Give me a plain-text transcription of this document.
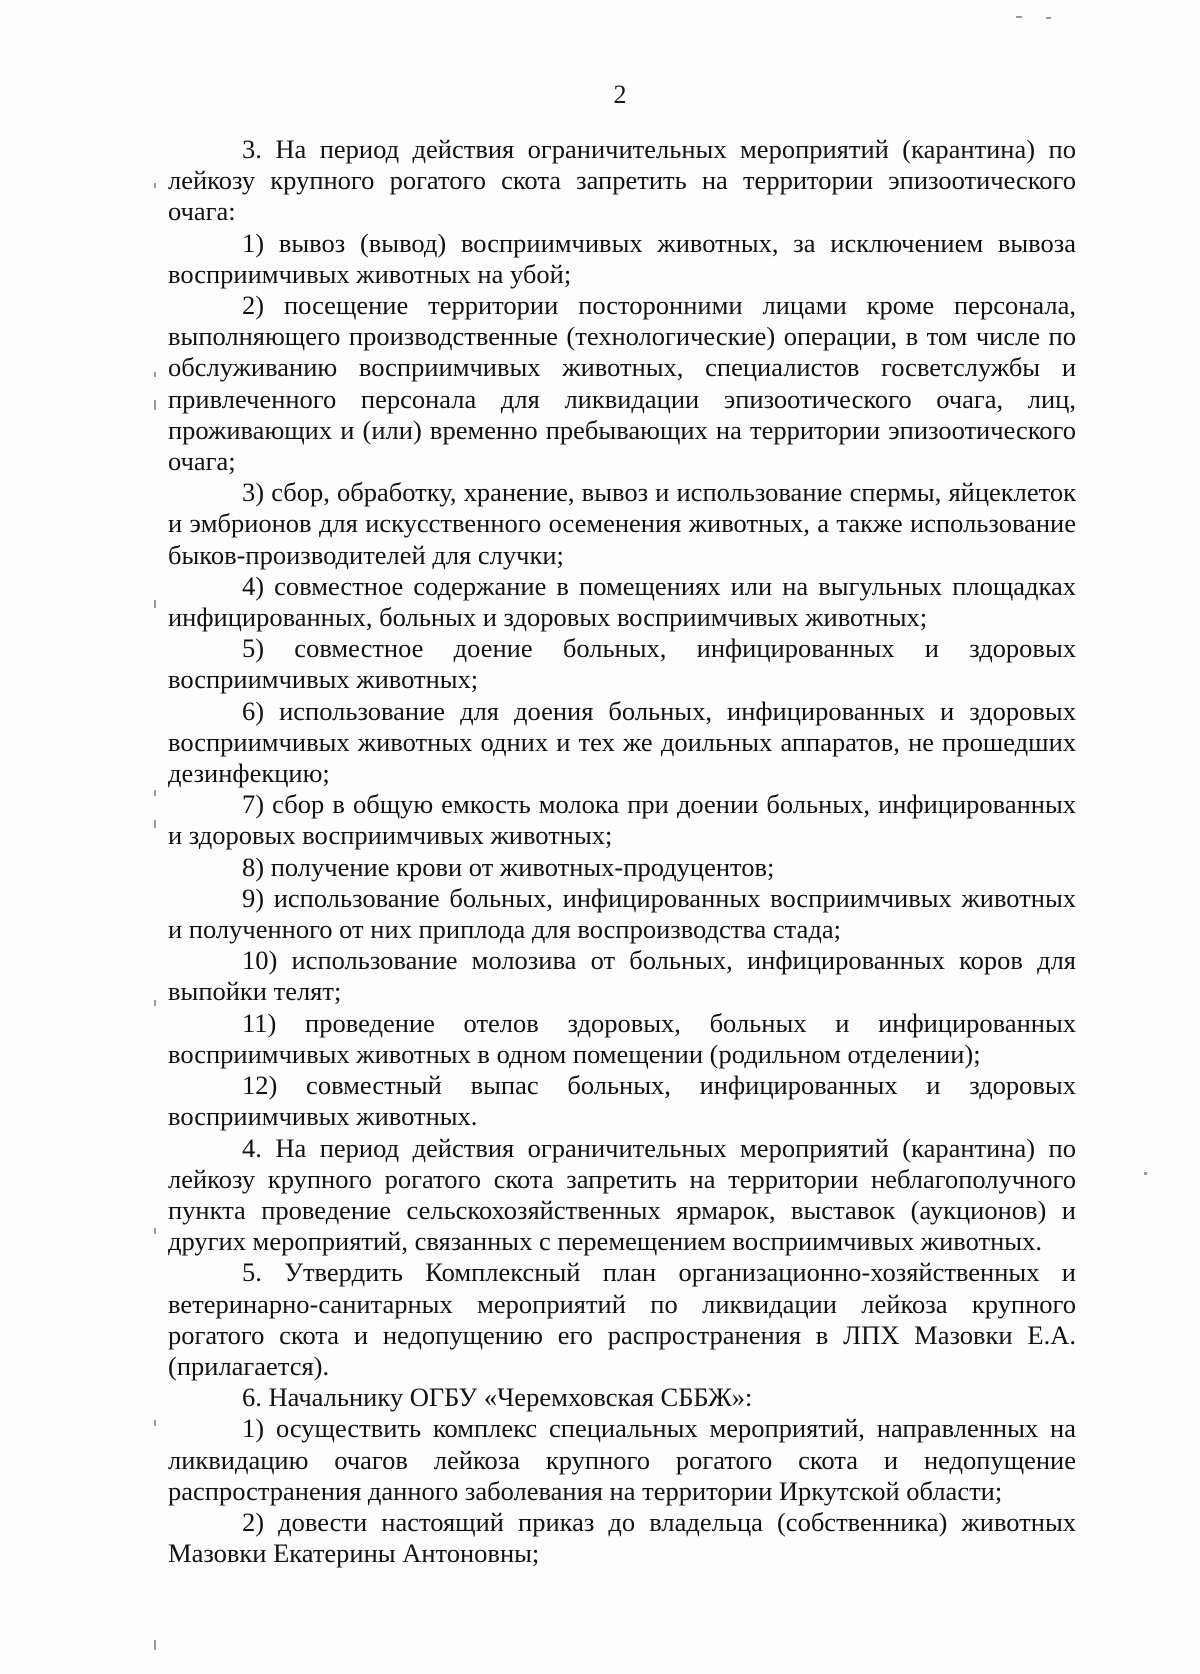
2

3. На период действия ограничительных мероприятий (карантина) по лейкозу крупного рогатого скота запретить на территории эпизоотического очага:

1) вывоз (вывод) восприимчивых животных, за исключением вывоза восприимчивых животных на убой;

2) посещение территории посторонними лицами кроме персонала, выполняющего производственные (технологические) операции, в том числе по обслуживанию восприимчивых животных, специалистов госветслужбы и привлеченного персонала для ликвидации эпизоотического очага, лиц, проживающих и (или) временно пребывающих на территории эпизоотического очага;

3) сбор, обработку, хранение, вывоз и использование спермы, яйцеклеток и эмбрионов для искусственного осеменения животных, а также использование быков-производителей для случки;

4) совместное содержание в помещениях или на выгульных площадках инфицированных, больных и здоровых восприимчивых животных;

5) совместное доение больных, инфицированных и здоровых восприимчивых животных;

6) использование для доения больных, инфицированных и здоровых восприимчивых животных одних и тех же доильных аппаратов, не прошедших дезинфекцию;

7) сбор в общую емкость молока при доении больных, инфицированных и здоровых восприимчивых животных;

8) получение крови от животных-продуцентов;

9) использование больных, инфицированных восприимчивых животных и полученного от них приплода для воспроизводства стада;

10) использование молозива от больных, инфицированных коров для выпойки телят;

11) проведение отелов здоровых, больных и инфицированных восприимчивых животных в одном помещении (родильном отделении);

12) совместный выпас больных, инфицированных и здоровых восприимчивых животных.

4. На период действия ограничительных мероприятий (карантина) по лейкозу крупного рогатого скота запретить на территории неблагополучного пункта проведение сельскохозяйственных ярмарок, выставок (аукционов) и других мероприятий, связанных с перемещением восприимчивых животных.

5. Утвердить Комплексный план организационно-хозяйственных и ветеринарно-санитарных мероприятий по ликвидации лейкоза крупного рогатого скота и недопущению его распространения в ЛПХ Мазовки Е.А. (прилагается).

6. Начальнику ОГБУ «Черемховская СББЖ»:

1) осуществить комплекс специальных мероприятий, направленных на ликвидацию очагов лейкоза крупного рогатого скота и недопущение распространения данного заболевания на территории Иркутской области;

2) довести настоящий приказ до владельца (собственника) животных Мазовки Екатерины Антоновны;
